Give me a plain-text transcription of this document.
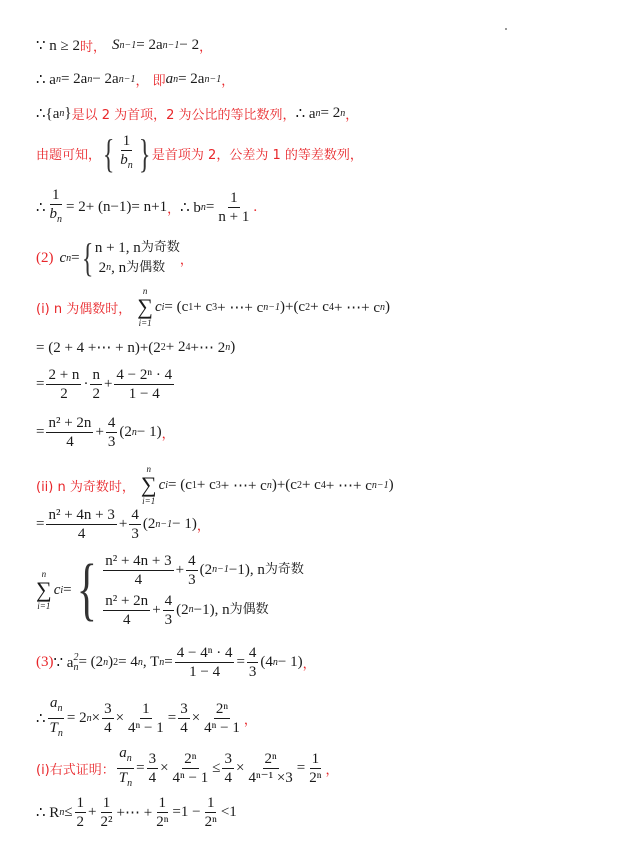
∵ n ≥ 2 时， S n−1 = 2a n−1 − 2 ，
∴ a n = 2a n − 2a n−1 ， 即 a n = 2a n−1 ，
∴{a n } 是以 2 为首项，2 为公比的等比数列， ∴ a n = 2 n ，
由题可知， { $\frac{1}{b_n}$ } 是首项为 2，公差为 1 的等差数列，
∴ $\frac{1}{b_n} = 2+ (n-1)= n+1$ ， ∴ b $n = \frac{1}{n + 1}$ .
(2) c n = { n + 1, n 为奇数

2 n , n 为偶数 ，
(i) n 为偶数时，
n
∑
i=1
c i = (c 1 + c 3 + ⋯+ c n−1 )+(c 2 + c 4 + ⋯+ c n )
= (2 + 4 +⋯ + n)+(2 2 + 2 4 +⋯ 2 n )
= $\frac{2 + n}{2} \cdot \frac{n}{2} + \frac{\text{4 − 2ⁿ · 4}}{1 - 4}$
= $\frac{\text{n² + 2n}}{4} + \frac{4}{3} (2$ n − 1) ，
(ii) n 为奇数时，
n
∑
i=1
c i = (c 1 + c 3 + ⋯+ c n )+(c 2 + c 4 + ⋯+ c n−1 )
= $\frac{\text{n² + 4n + 3}}{4} + \frac{4}{3} (2$ n−1 − 1) ，
n
∑
i=1
c i = { $\frac{\text{n² + 4n + 3}}{4} + \frac{4}{3} (2$ n−1 −1), n 为奇数
$\frac{\text{n² + 2n}}{4} + \frac{4}{3} (2$ n −1), n 为偶数
(3) ∵ a 2
n = (2 n ) 2 = 4 n , T $n = \frac{\text{4 − 4ⁿ · 4}}{1 - 4} = \frac{4}{3} (4$ n − 1) ，
∴ $\frac{a_n}{T_n} = 2$ $n \times \frac{3}{4} \times \frac{1}{\text{4ⁿ − 1}} = \frac{3}{4} \times \frac{\text{2ⁿ}}{\text{4ⁿ − 1}}$ ，
(i)右式证明： $\frac{a_n}{T_n} = \frac{3}{4} \times \frac{\text{2ⁿ}}{\text{4ⁿ − 1}} \le \frac{3}{4} \times \frac{\text{2ⁿ}}{\text{4ⁿ⁻¹ ×3}} = \frac{1}{\text{2ⁿ}}$ ，
∴ R $n \le \frac{1}{2} + \frac{1}{\text{2²}}$ +⋯ + $\frac{1}{\text{2ⁿ}} =1 - \frac{1}{\text{2ⁿ}} <1$
